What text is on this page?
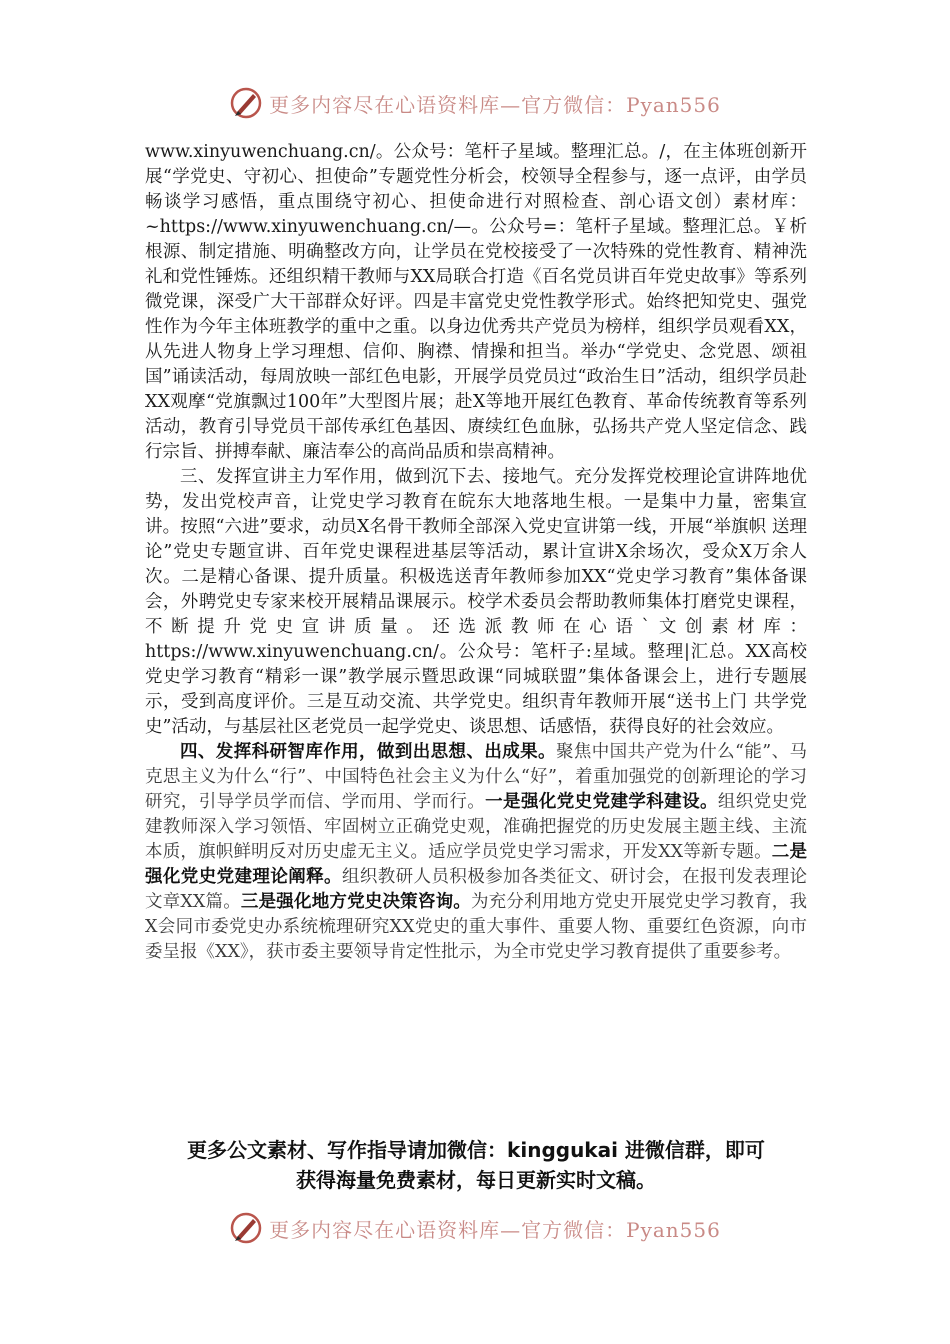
更多内容尽在心语资料库—官方微信：Pyan556

www.xinyuwenchuang.cn/。公众号：笔杆子星域。整理汇总。/，在主体班创新开展“学党史、守初心、担使命”专题党性分析会，校领导全程参与，逐一点评，由学员畅谈学习感悟，重点围绕守初心、担使命进行对照检查、剖心语文创）素材库：~https://www.xinyuwenchuang.cn/—。公众号=：笔杆子星域。整理汇总。￥析根源、制定措施、明确整改方向，让学员在党校接受了一次特殊的党性教育、精神洗礼和党性锤炼。还组织精干教师与XX局联合打造《百名党员讲百年党史故事》等系列微党课，深受广大干部群众好评。四是丰富党史党性教学形式。始终把知党史、强党性作为今年主体班教学的重中之重。以身边优秀共产党员为榜样，组织学员观看XX，从先进人物身上学习理想、信仰、胸襟、情操和担当。举办“学党史、念党恩、颂祖国”诵读活动，每周放映一部红色电影，开展学员党员过“政治生日”活动，组织学员赴XX观摩“党旗飘过100年”大型图片展；赴X等地开展红色教育、革命传统教育等系列活动，教育引导党员干部传承红色基因、赓续红色血脉，弘扬共产党人坚定信念、践行宗旨、拼搏奉献、廉洁奉公的高尚品质和崇高精神。

三、发挥宣讲主力军作用，做到沉下去、接地气。充分发挥党校理论宣讲阵地优势，发出党校声音，让党史学习教育在皖东大地落地生根。一是集中力量，密集宣讲。按照“六进”要求，动员X名骨干教师全部深入党史宣讲第一线，开展“举旗帜 送理论”党史专题宣讲、百年党史课程进基层等活动，累计宣讲X余场次，受众X万余人次。二是精心备课、提升质量。积极选送青年教师参加XX“党史学习教育”集体备课会，外聘党史专家来校开展精品课展示。校学术委员会帮助教师集体打磨党史课程，不断提升党史宣讲质量。还选派教师在心语`文创素材库：https://www.xinyuwenchuang.cn/。公众号：笔杆子:星域。整理|汇总。XX高校党史学习教育“精彩一课”教学展示暨思政课“同城联盟”集体备课会上，进行专题展示，受到高度评价。三是互动交流、共学党史。组织青年教师开展“送书上门 共学党史”活动，与基层社区老党员一起学党史、谈思想、话感悟，获得良好的社会效应。

四、发挥科研智库作用，做到出思想、出成果。聚焦中国共产党为什么“能”、马克思主义为什么“行”、中国特色社会主义为什么“好”，着重加强党的创新理论的学习研究，引导学员学而信、学而用、学而行。一是强化党史党建学科建设。组织党史党建教师深入学习领悟、牢固树立正确党史观，准确把握党的历史发展主题主线、主流本质，旗帜鲜明反对历史虚无主义。适应学员党史学习需求，开发XX等新专题。二是强化党史党建理论阐释。组织教研人员积极参加各类征文、研讨会，在报刊发表理论文章XX篇。三是强化地方党史决策咨询。为充分利用地方党史开展党史学习教育，我X会同市委党史办系统梳理研究XX党史的重大事件、重要人物、重要红色资源，向市委呈报《XX》，获市委主要领导肯定性批示，为全市党史学习教育提供了重要参考。

更多公文素材、写作指导请加微信：kinggukai 进微信群，即可
获得海量免费素材，每日更新实时文稿。
更多内容尽在心语资料库—官方微信：Pyan556
